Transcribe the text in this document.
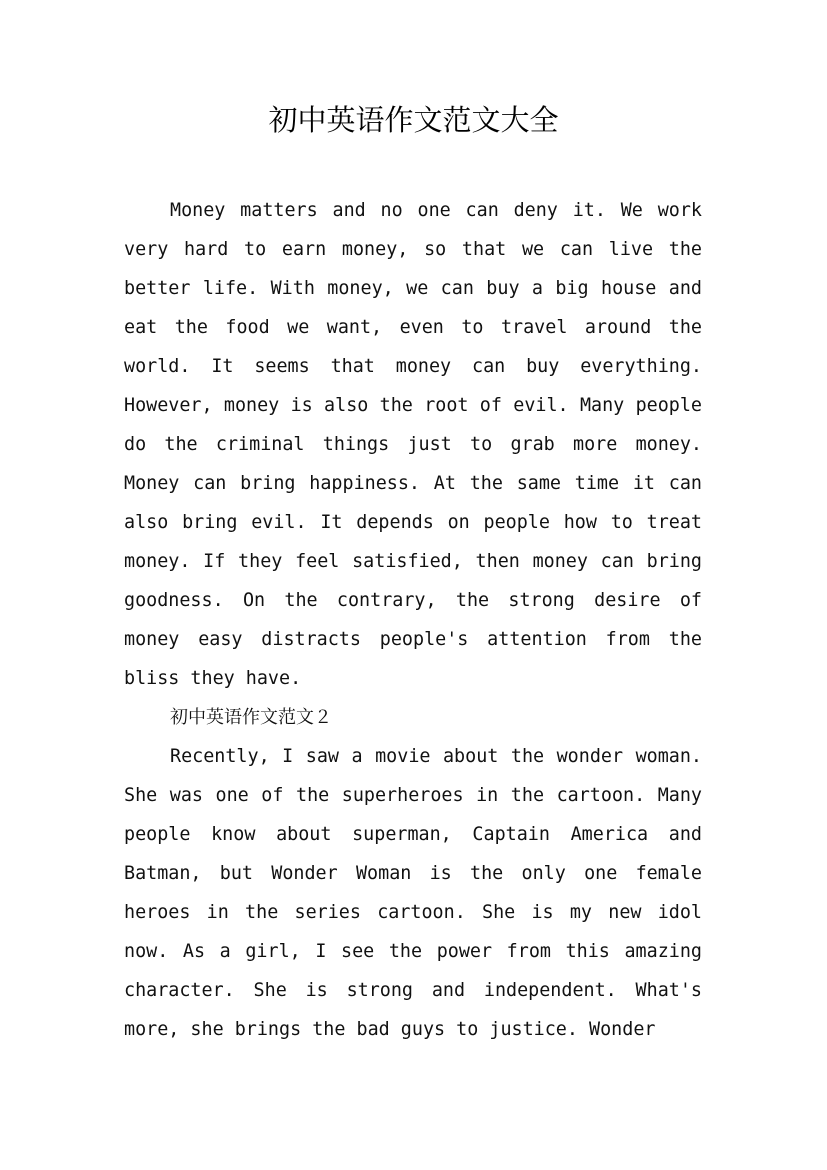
初中英语作文范文大全

Money matters and no one can deny it. We work very hard to earn money, so that we can live the better life. With money, we can buy a big house and eat the food we want, even to travel around the world. It seems that money can buy everything. However, money is also the root of evil. Many people do the criminal things just to grab more money. Money can bring happiness. At the same time it can also bring evil. It depends on people how to treat money. If they feel satisfied, then money can bring goodness. On the contrary, the strong desire of money easy distracts people's attention from the bliss they have.

初中英语作文范文２

Recently, I saw a movie about the wonder woman. She was one of the superheroes in the cartoon. Many people know about superman, Captain America and Batman, but Wonder Woman is the only one female heroes in the series cartoon. She is my new idol now. As a girl, I see the power from this amazing character. She is strong and independent. What's more, she brings the bad guys to justice. Wonder
